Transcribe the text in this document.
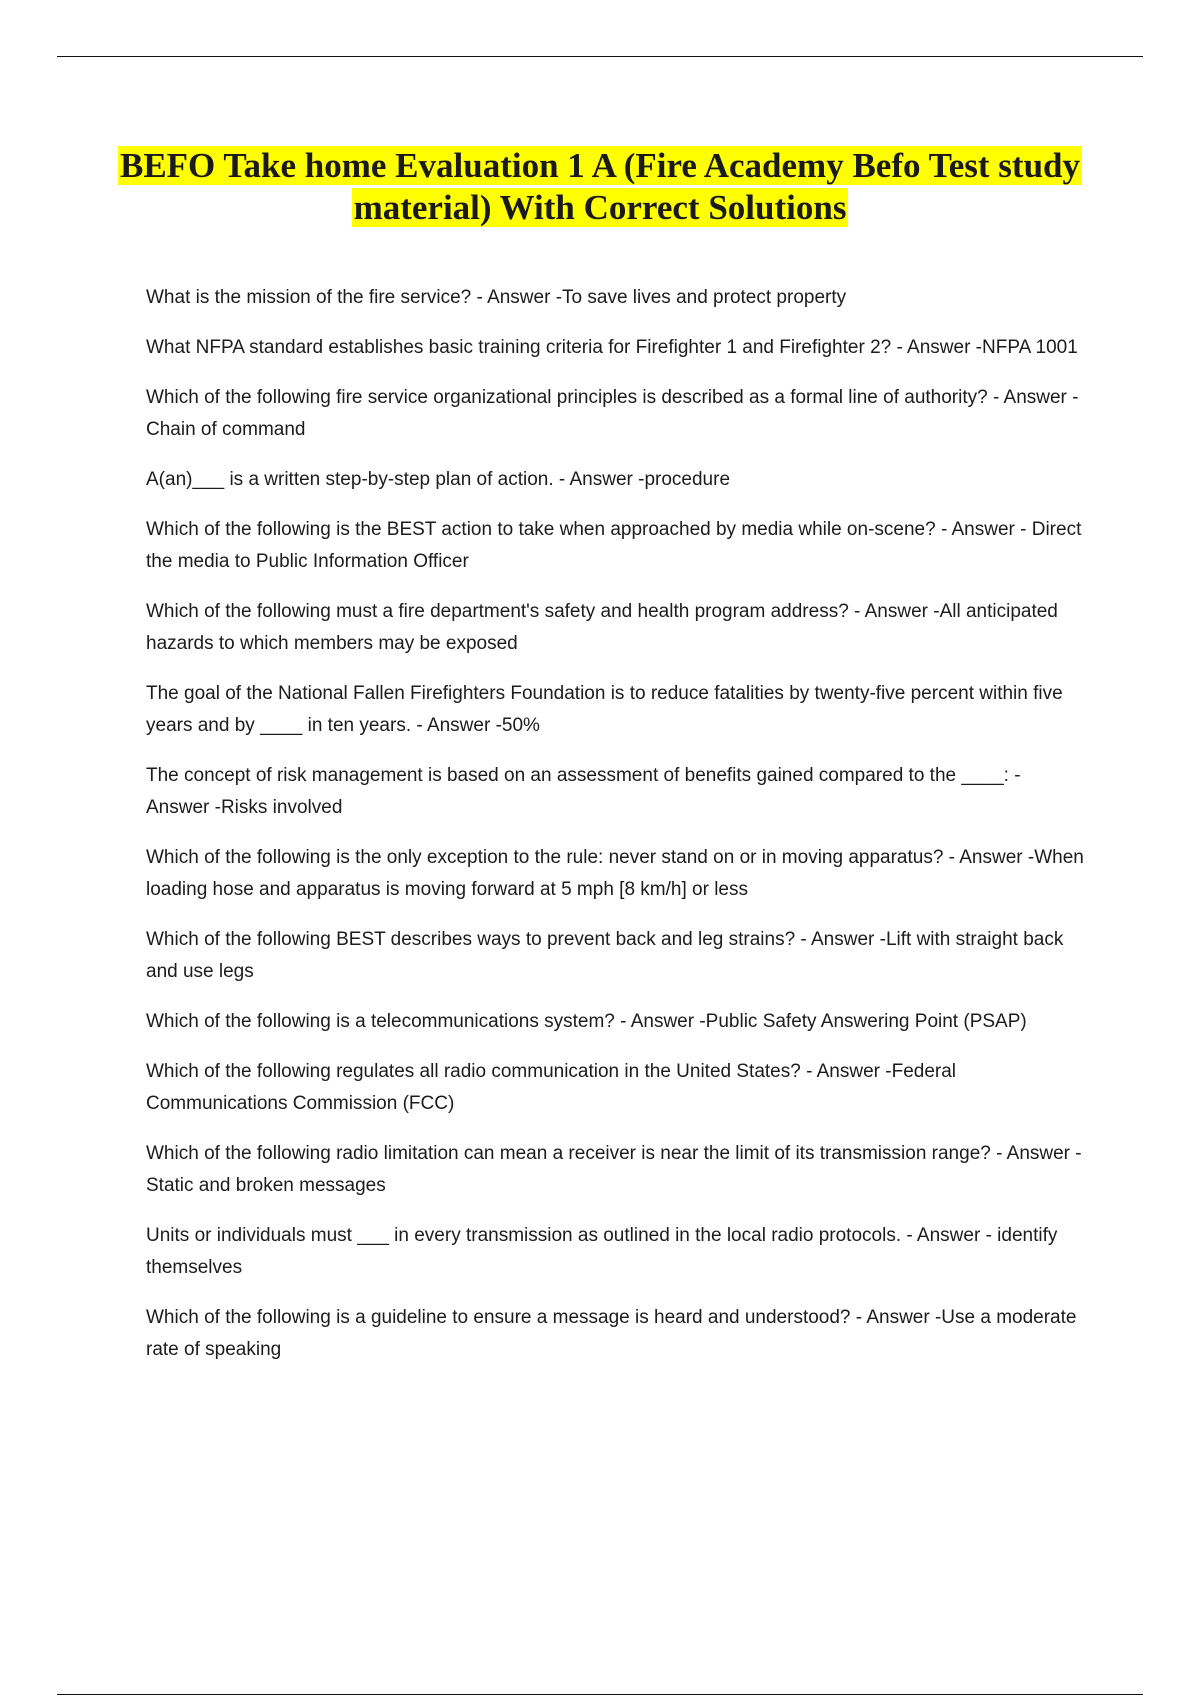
BEFO Take home Evaluation 1 A (Fire Academy Befo Test study material) With Correct Solutions
What is the mission of the fire service? - Answer -To save lives and protect property
What NFPA standard establishes basic training criteria for Firefighter 1 and Firefighter 2? - Answer -NFPA 1001
Which of the following fire service organizational principles is described as a formal line of authority? - Answer -Chain of command
A(an)___ is a written step-by-step plan of action. - Answer -procedure
Which of the following is the BEST action to take when approached by media while on-scene? - Answer - Direct the media to Public Information Officer
Which of the following must a fire department's safety and health program address? - Answer -All anticipated hazards to which members may be exposed
The goal of the National Fallen Firefighters Foundation is to reduce fatalities by twenty-five percent within five years and by ____ in ten years. - Answer -50%
The concept of risk management is based on an assessment of benefits gained compared to the ____: - Answer -Risks involved
Which of the following is the only exception to the rule: never stand on or in moving apparatus? - Answer -When loading hose and apparatus is moving forward at 5 mph [8 km/h] or less
Which of the following BEST describes ways to prevent back and leg strains? - Answer -Lift with straight back and use legs
Which of the following is a telecommunications system? - Answer -Public Safety Answering Point (PSAP)
Which of the following regulates all radio communication in the United States? - Answer -Federal Communications Commission (FCC)
Which of the following radio limitation can mean a receiver is near the limit of its transmission range? - Answer -Static and broken messages
Units or individuals must ___ in every transmission as outlined in the local radio protocols. - Answer - identify themselves
Which of the following is a guideline to ensure a message is heard and understood? - Answer -Use a moderate rate of speaking
